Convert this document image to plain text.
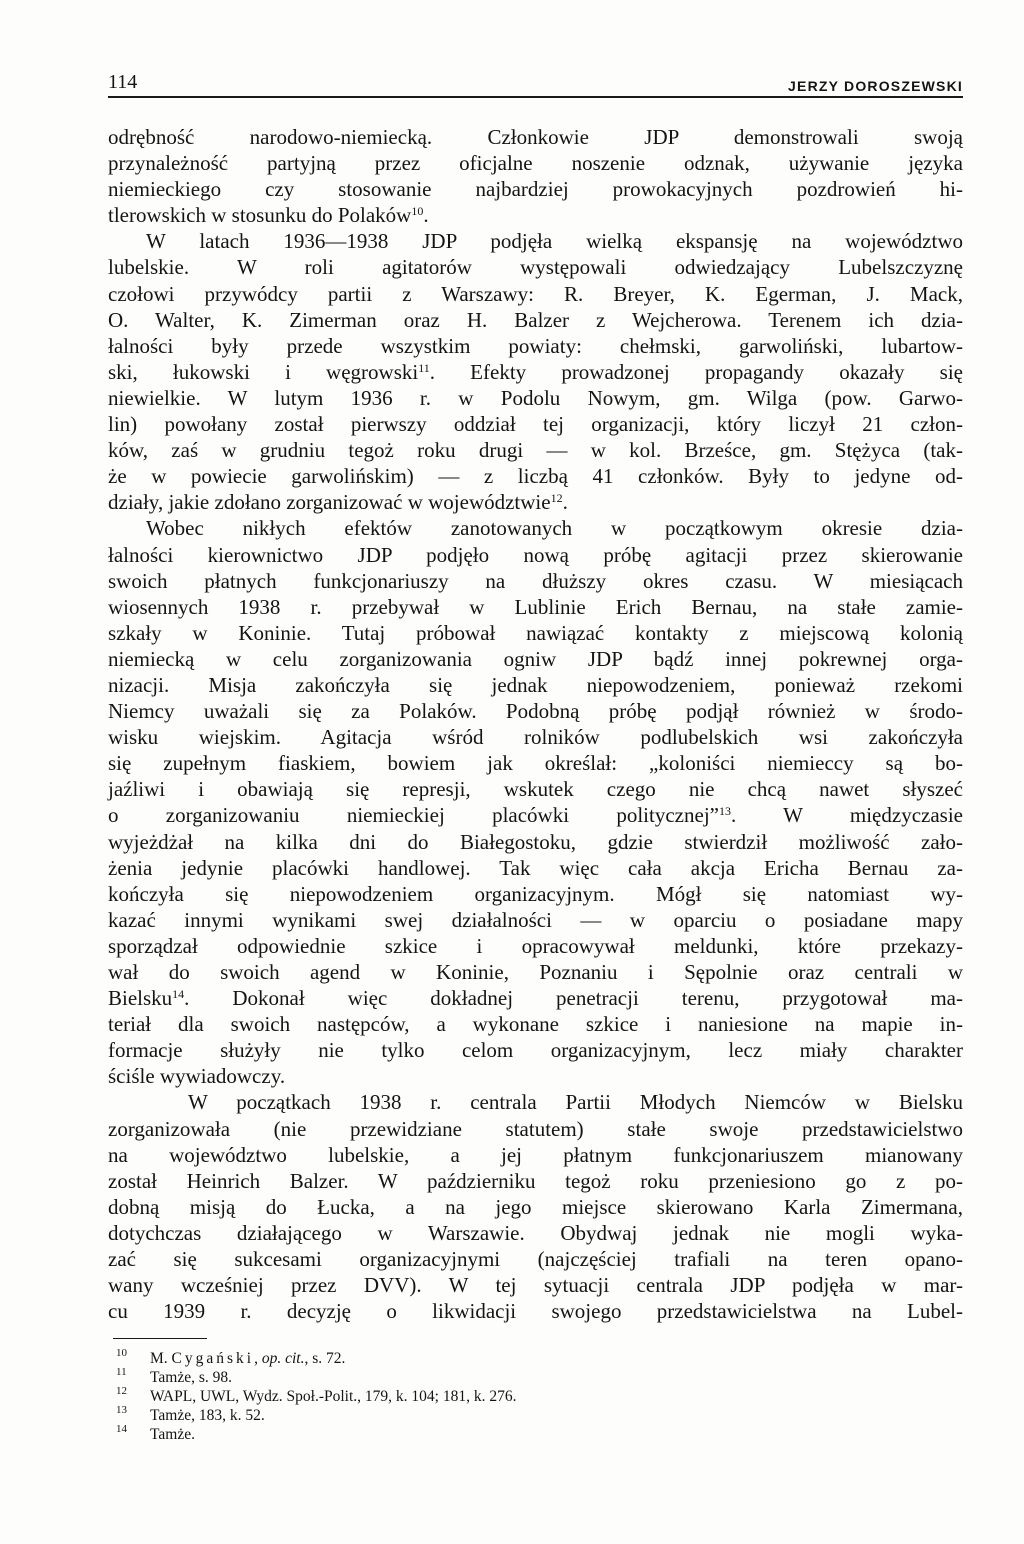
114	JERZY DOROSZEWSKI
odrębność narodowo-niemiecką. Członkowie JDP demonstrowali swoją
przynależność partyjną przez oficjalne noszenie odznak, używanie języka
niemieckiego czy stosowanie najbardziej prowokacyjnych pozdrowień hi-
tlerowskich w stosunku do Polaków$^{10}$.
W latach 1936—1938 JDP podjęła wielką ekspansję na województwo
lubelskie. W roli agitatorów występowali odwiedzający Lubelszczyznę
czołowi przywódcy partii z Warszawy: R. Breyer, K. Egerman, J. Mack,
O. Walter, K. Zimerman oraz H. Balzer z Wejcherowa. Terenem ich dzia-
łalności były przede wszystkim powiaty: chełmski, garwoliński, lubartow-
ski, łukowski i węgrowski$^{11}$. Efekty prowadzonej propagandy okazały się
niewielkie. W lutym 1936 r. w Podolu Nowym, gm. Wilga (pow. Garwo-
lin) powołany został pierwszy oddział tej organizacji, który liczył 21 człon-
ków, zaś w grudniu tegoż roku drugi — w kol. Brześce, gm. Stężyca (tak-
że w powiecie garwolińskim) — z liczbą 41 członków. Były to jedyne od-
działy, jakie zdołano zorganizować w województwie$^{12}$.
Wobec nikłych efektów zanotowanych w początkowym okresie dzia-
łalności kierownictwo JDP podjęło nową próbę agitacji przez skierowanie
swoich płatnych funkcjonariuszy na dłuższy okres czasu. W miesiącach
wiosennych 1938 r. przebywał w Lublinie Erich Bernau, na stałe zamie-
szkały w Koninie. Tutaj próbował nawiązać kontakty z miejscową kolonią
niemiecką w celu zorganizowania ogniw JDP bądź innej pokrewnej orga-
nizacji. Misja zakończyła się jednak niepowodzeniem, ponieważ rzekomi
Niemcy uważali się za Polaków. Podobną próbę podjął również w środo-
wisku wiejskim. Agitacja wśród rolników podlubelskich wsi zakończyła
się zupełnym fiaskiem, bowiem jak określał: „koloniści niemieccy są bo-
jaźliwi i obawiają się represji, wskutek czego nie chcą nawet słyszeć
o zorganizowaniu niemieckiej placówki politycznej”$^{13}$. W międzyczasie
wyjeżdżał na kilka dni do Białegostoku, gdzie stwierdził możliwość zało-
żenia jedynie placówki handlowej. Tak więc cała akcja Ericha Bernau za-
kończyła się niepowodzeniem organizacyjnym. Mógł się natomiast wy-
kazać innymi wynikami swej działalności — w oparciu o posiadane mapy
sporządzał odpowiednie szkice i opracowywał meldunki, które przekazy-
wał do swoich agend w Koninie, Poznaniu i Sępolnie oraz centrali w
Bielsku$^{14}$. Dokonał więc dokładnej penetracji terenu, przygotował ma-
teriał dla swoich następców, a wykonane szkice i naniesione na mapie in-
formacje służyły nie tylko celom organizacyjnym, lecz miały charakter
ściśle wywiadowczy.
W początkach 1938 r. centrala Partii Młodych Niemców w Bielsku
zorganizowała (nie przewidziane statutem) stałe swoje przedstawicielstwo
na województwo lubelskie, a jej płatnym funkcjonariuszem mianowany
został Heinrich Balzer. W październiku tegoż roku przeniesiono go z po-
dobną misją do Łucka, a na jego miejsce skierowano Karla Zimermana,
dotychczas działającego w Warszawie. Obydwaj jednak nie mogli wyka-
zać się sukcesami organizacyjnymi (najczęściej trafiali na teren opano-
wany wcześniej przez DVV). W tej sytuacji centrala JDP podjęła w mar-
cu 1939 r. decyzję o likwidacji swojego przedstawicielstwa na Lubel-
10	M. Cygański, op. cit., s. 72.
11	Tamże, s. 98.
12	WAPL, UWL, Wydz. Społ.-Polit., 179, k. 104; 181, k. 276.
13	Tamże, 183, k. 52.
14	Tamże.
